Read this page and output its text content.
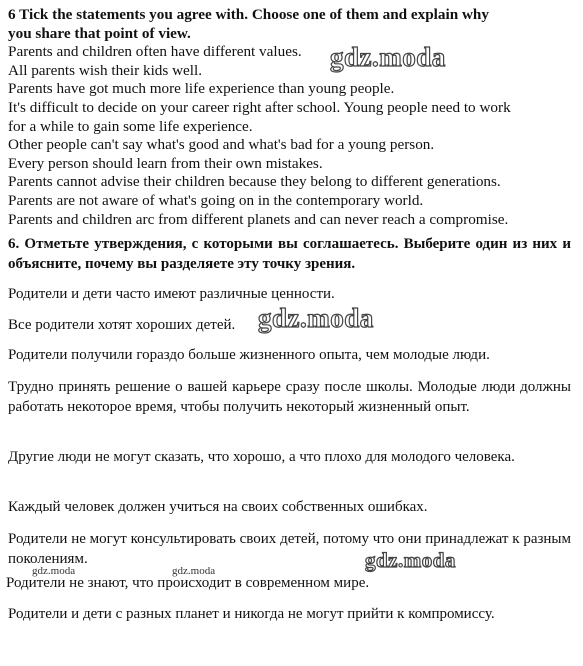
6 Tick the statements you agree with. Choose one of them and explain why
you share that point of view.
Parents and children often have different values.
All parents wish their kids well.
Parents have got much more life experience than young people.
It's difficult to decide on your career right after school. Young people need to work
for a while to gain some life experience.
Other people can't say what's good and what's bad for a young person.
Every person should learn from their own mistakes.
Parents cannot advise their children because they belong to different generations.
Parents are not aware of what's going on in the contemporary world.
Parents and children arc from different planets and can never reach a compromise.

6. Отметьте утверждения, с которыми вы соглашаетесь. Выберите один из них и объясните, почему вы разделяете эту точку зрения.

Родители и дети часто имеют различные ценности.

Все родители хотят хороших детей.

Родители получили гораздо больше жизненного опыта, чем молодые люди.

Трудно принять решение о вашей карьере сразу после школы. Молодые люди должны работать некоторое время, чтобы получить некоторый жизненный опыт.

Другие люди не могут сказать, что хорошо, а что плохо для молодого человека.

Каждый человек должен учиться на своих собственных ошибках.

Родители не могут консультировать своих детей, потому что они принадлежат к разным поколениям.

Родители не знают, что происходит в современном мире.

Родители и дети с разных планет и никогда не могут прийти к компромиссу.

gdz.moda
gdz.moda
gdz.moda
gdz.moda	gdz.moda
